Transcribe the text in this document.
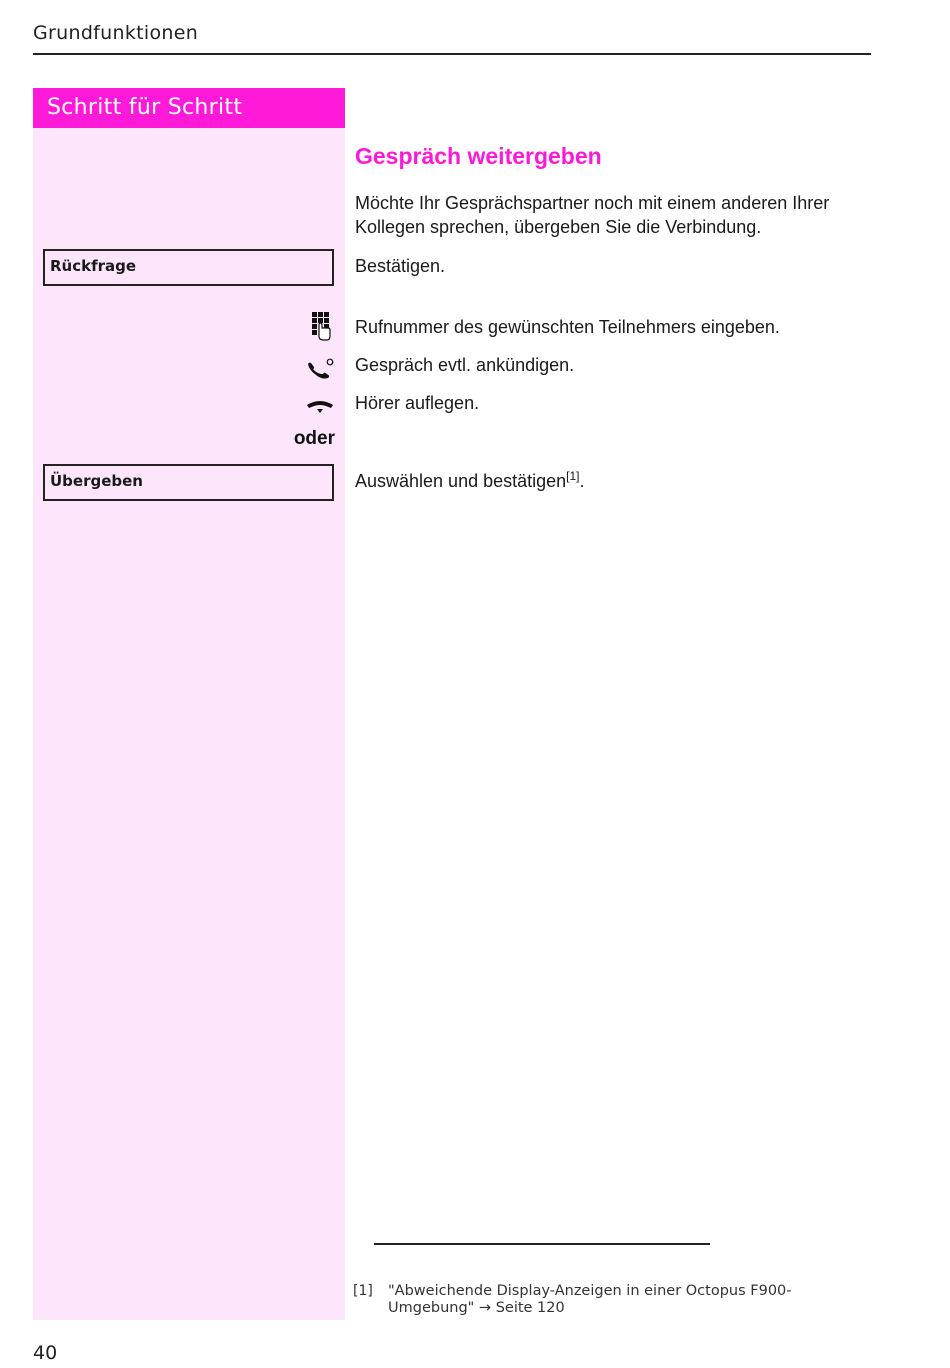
Grundfunktionen
Schritt für Schritt
Gespräch weitergeben
Möchte Ihr Gesprächspartner noch mit einem anderen Ihrer Kollegen sprechen, übergeben Sie die Verbindung.
Rückfrage	Bestätigen.
Rufnummer des gewünschten Teilnehmers eingeben.
Gespräch evtl. ankündigen.
Hörer auflegen.
oder
Übergeben	Auswählen und bestätigen[1].
[1] "Abweichende Display-Anzeigen in einer Octopus F900-Umgebung" → Seite 120
40
